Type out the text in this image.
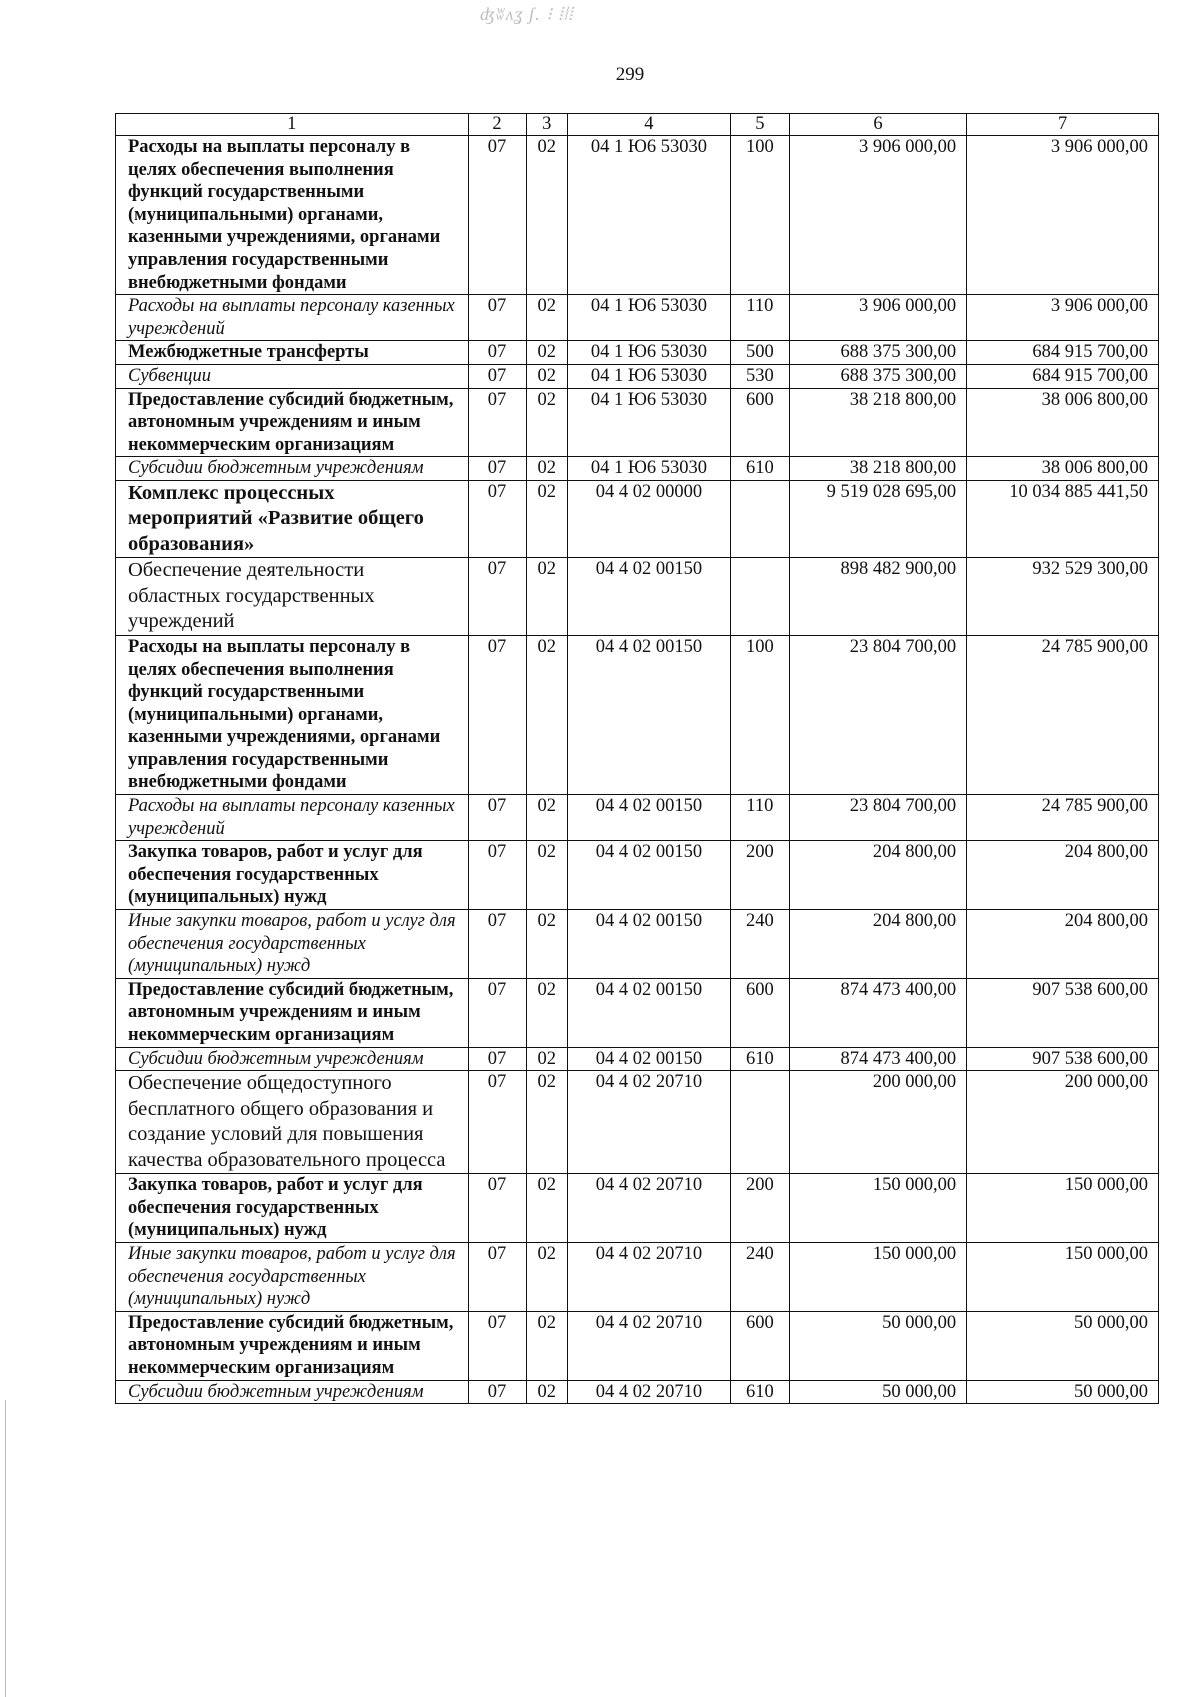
ʤʬʌʓ ʃ. ⁝ ⦙⦚⦙
299
1	2	3	4	5	6	7
Расходы на выплаты персоналу в целях обеспечения выполнения функций государственными (муниципальными) органами, казенными учреждениями, органами управления государственными внебюджетными фондами	07	02	04 1 Ю6 53030	100	3 906 000,00	3 906 000,00
Расходы на выплаты персоналу казенных учреждений	07	02	04 1 Ю6 53030	110	3 906 000,00	3 906 000,00
Межбюджетные трансферты	07	02	04 1 Ю6 53030	500	688 375 300,00	684 915 700,00
Субвенции	07	02	04 1 Ю6 53030	530	688 375 300,00	684 915 700,00
Предоставление субсидий бюджетным, автономным учреждениям и иным некоммерческим организациям	07	02	04 1 Ю6 53030	600	38 218 800,00	38 006 800,00
Субсидии бюджетным учреждениям	07	02	04 1 Ю6 53030	610	38 218 800,00	38 006 800,00
Комплекс процессных мероприятий «Развитие общего образования»	07	02	04 4 02 00000		9 519 028 695,00	10 034 885 441,50
Обеспечение деятельности областных государственных учреждений	07	02	04 4 02 00150		898 482 900,00	932 529 300,00
Расходы на выплаты персоналу в целях обеспечения выполнения функций государственными (муниципальными) органами, казенными учреждениями, органами управления государственными внебюджетными фондами	07	02	04 4 02 00150	100	23 804 700,00	24 785 900,00
Расходы на выплаты персоналу казенных учреждений	07	02	04 4 02 00150	110	23 804 700,00	24 785 900,00
Закупка товаров, работ и услуг для обеспечения государственных (муниципальных) нужд	07	02	04 4 02 00150	200	204 800,00	204 800,00
Иные закупки товаров, работ и услуг для обеспечения государственных (муниципальных) нужд	07	02	04 4 02 00150	240	204 800,00	204 800,00
Предоставление субсидий бюджетным, автономным учреждениям и иным некоммерческим организациям	07	02	04 4 02 00150	600	874 473 400,00	907 538 600,00
Субсидии бюджетным учреждениям	07	02	04 4 02 00150	610	874 473 400,00	907 538 600,00
Обеспечение общедоступного бесплатного общего образования и создание условий для повышения качества образовательного процесса	07	02	04 4 02 20710		200 000,00	200 000,00
Закупка товаров, работ и услуг для обеспечения государственных (муниципальных) нужд	07	02	04 4 02 20710	200	150 000,00	150 000,00
Иные закупки товаров, работ и услуг для обеспечения государственных (муниципальных) нужд	07	02	04 4 02 20710	240	150 000,00	150 000,00
Предоставление субсидий бюджетным, автономным учреждениям и иным некоммерческим организациям	07	02	04 4 02 20710	600	50 000,00	50 000,00
Субсидии бюджетным учреждениям	07	02	04 4 02 20710	610	50 000,00	50 000,00
